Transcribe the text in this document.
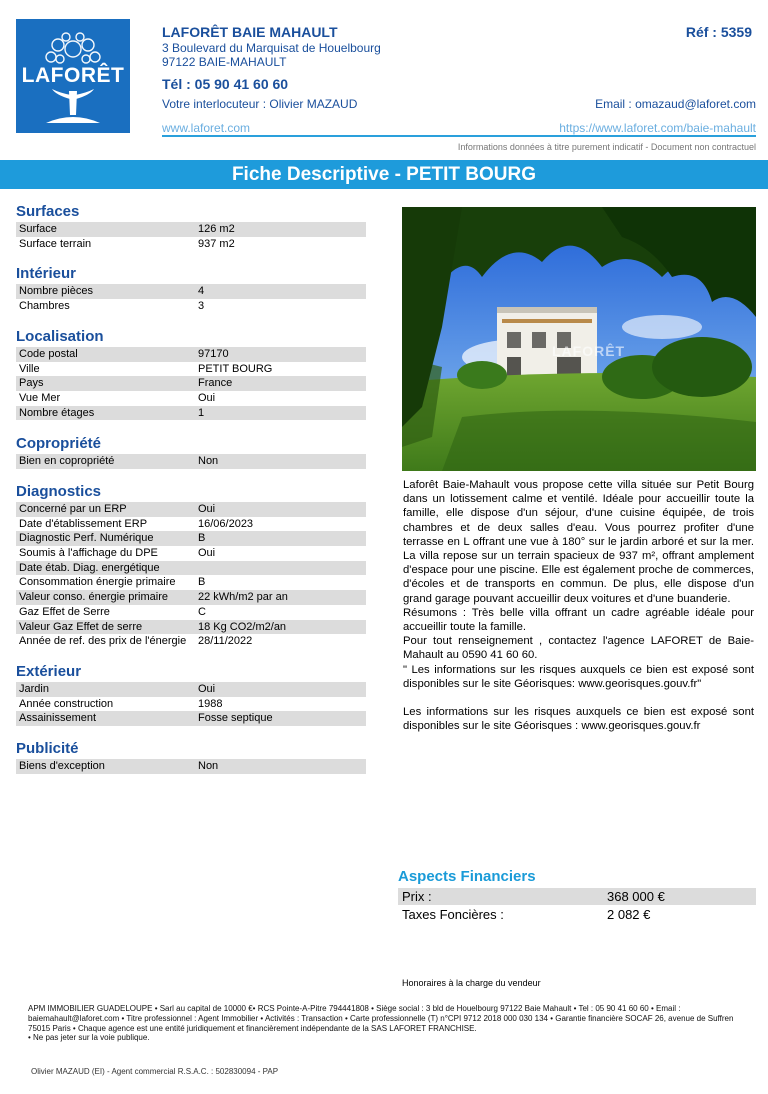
LAFORÊT
LAFORÊT BAIE MAHAULT	Réf : 5359
3 Boulevard du Marquisat de Houelbourg
97122 BAIE-MAHAULT
Tél : 05 90 41 60 60
Votre interlocuteur : Olivier MAZAUD	Email : omazaud@laforet.com
www.laforet.com	https://www.laforet.com/baie-mahault
Informations données à titre purement indicatif - Document non contractuel
Fiche Descriptive - PETIT BOURG
Surfaces
Surface	126 m2
Surface terrain	937 m2
Intérieur
Nombre pièces	4
Chambres	3
Localisation
Code postal	97170
Ville	PETIT BOURG
Pays	France
Vue Mer	Oui
Nombre étages	1
Copropriété
Bien en copropriété	Non
Diagnostics
Concerné par un ERP	Oui
Date d'établissement ERP	16/06/2023
Diagnostic Perf. Numérique	B
Soumis à l'affichage du DPE	Oui
Date étab. Diag. energétique
Consommation énergie primaire	B
Valeur conso. énergie primaire	22 kWh/m2 par an
Gaz Effet de Serre	C
Valeur Gaz Effet de serre	18 Kg CO2/m2/an
Année de ref. des prix de l'énergie	28/11/2022
Extérieur
Jardin	Oui
Année construction	1988
Assainissement	Fosse septique
Publicité
Biens d'exception	Non
LAFORÊT

Laforêt Baie-Mahault vous propose cette villa située sur Petit Bourg dans un lotissement calme et ventilé. Idéale pour accueillir toute la famille, elle dispose d'un séjour, d'une cuisine équipée, de trois chambres et de deux salles d'eau. Vous pourrez profiter d'une terrasse en L offrant une vue à 180° sur le jardin arboré et sur la mer. La villa repose sur un terrain spacieux de 937 m², offrant amplement d'espace pour une piscine. Elle est également proche de commerces, d'écoles et de transports en commun. De plus, elle dispose d'un grand garage pouvant accueillir deux voitures et d'une buanderie.

Résumons : Très belle villa offrant un cadre agréable idéale pour accueillir toute la famille.

Pour tout renseignement , contactez l'agence LAFORET de Baie-Mahault au 0590 41 60 60.

" Les informations sur les risques auxquels ce bien est exposé sont disponibles sur le site Géorisques: www.georisques.gouv.fr"

Les informations sur les risques auxquels ce bien est exposé sont disponibles sur le site Géorisques : www.georisques.gouv.fr

Aspects Financiers
Prix :	368 000 €
Taxes Foncières :	2 082 €
Honoraires à la charge du vendeur
APM IMMOBILIER GUADELOUPE • Sarl au capital de 10000 €• RCS Pointe-A-Pitre 794441808 • Siège social : 3 bld de Houelbourg 97122 Baie Mahault • Tel : 05 90 41 60 60 • Email : baiemahault@laforet.com • Titre professionnel : Agent Immobilier • Activités : Transaction • Carte professionnelle (T) n°CPI 9712 2018 000 030 134 • Garantie financière SOCAF 26, avenue de Suffren 75015 Paris • Chaque agence est une entité juridiquement et financièrement indépendante de la SAS LAFORET FRANCHISE.
• Ne pas jeter sur la voie publique.
Olivier MAZAUD (EI) - Agent commercial R.S.A.C. : 502830094 - PAP
